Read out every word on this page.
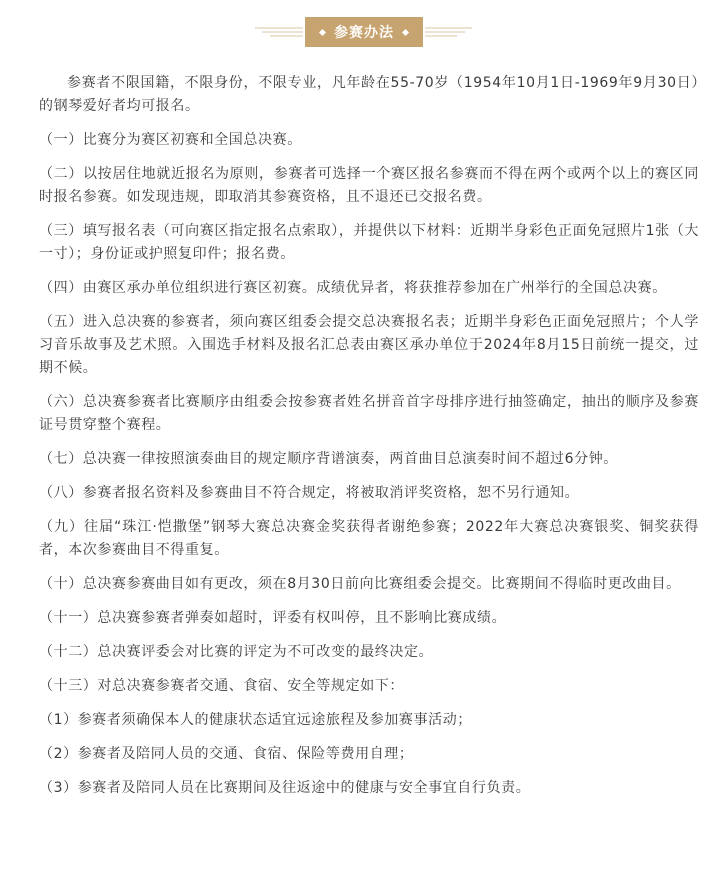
参赛办法

参赛者不限国籍，不限身份，不限专业，凡年龄在55-70岁（1954年10月1日-1969年9月30日）的钢琴爱好者均可报名。

（一）比赛分为赛区初赛和全国总决赛。

（二）以按居住地就近报名为原则，参赛者可选择一个赛区报名参赛而不得在两个或两个以上的赛区同时报名参赛。如发现违规，即取消其参赛资格，且不退还已交报名费。

（三）填写报名表（可向赛区指定报名点索取），并提供以下材料：近期半身彩色正面免冠照片1张（大一寸）；身份证或护照复印件；报名费。

（四）由赛区承办单位组织进行赛区初赛。成绩优异者，将获推荐参加在广州举行的全国总决赛。

（五）进入总决赛的参赛者，须向赛区组委会提交总决赛报名表；近期半身彩色正面免冠照片；个人学习音乐故事及艺术照。入围选手材料及报名汇总表由赛区承办单位于2024年8月15日前统一提交，过期不候。

（六）总决赛参赛者比赛顺序由组委会按参赛者姓名拼音首字母排序进行抽签确定，抽出的顺序及参赛证号贯穿整个赛程。

（七）总决赛一律按照演奏曲目的规定顺序背谱演奏，两首曲目总演奏时间不超过6分钟。

（八）参赛者报名资料及参赛曲目不符合规定，将被取消评奖资格，恕不另行通知。

（九）往届“珠江·恺撒堡”钢琴大赛总决赛金奖获得者谢绝参赛；2022年大赛总决赛银奖、铜奖获得者，本次参赛曲目不得重复。

（十）总决赛参赛曲目如有更改，须在8月30日前向比赛组委会提交。比赛期间不得临时更改曲目。

（十一）总决赛参赛者弹奏如超时，评委有权叫停，且不影响比赛成绩。

（十二）总决赛评委会对比赛的评定为不可改变的最终决定。

（十三）对总决赛参赛者交通、食宿、安全等规定如下：

（1）参赛者须确保本人的健康状态适宜远途旅程及参加赛事活动；

（2）参赛者及陪同人员的交通、食宿、保险等费用自理；

（3）参赛者及陪同人员在比赛期间及往返途中的健康与安全事宜自行负责。
